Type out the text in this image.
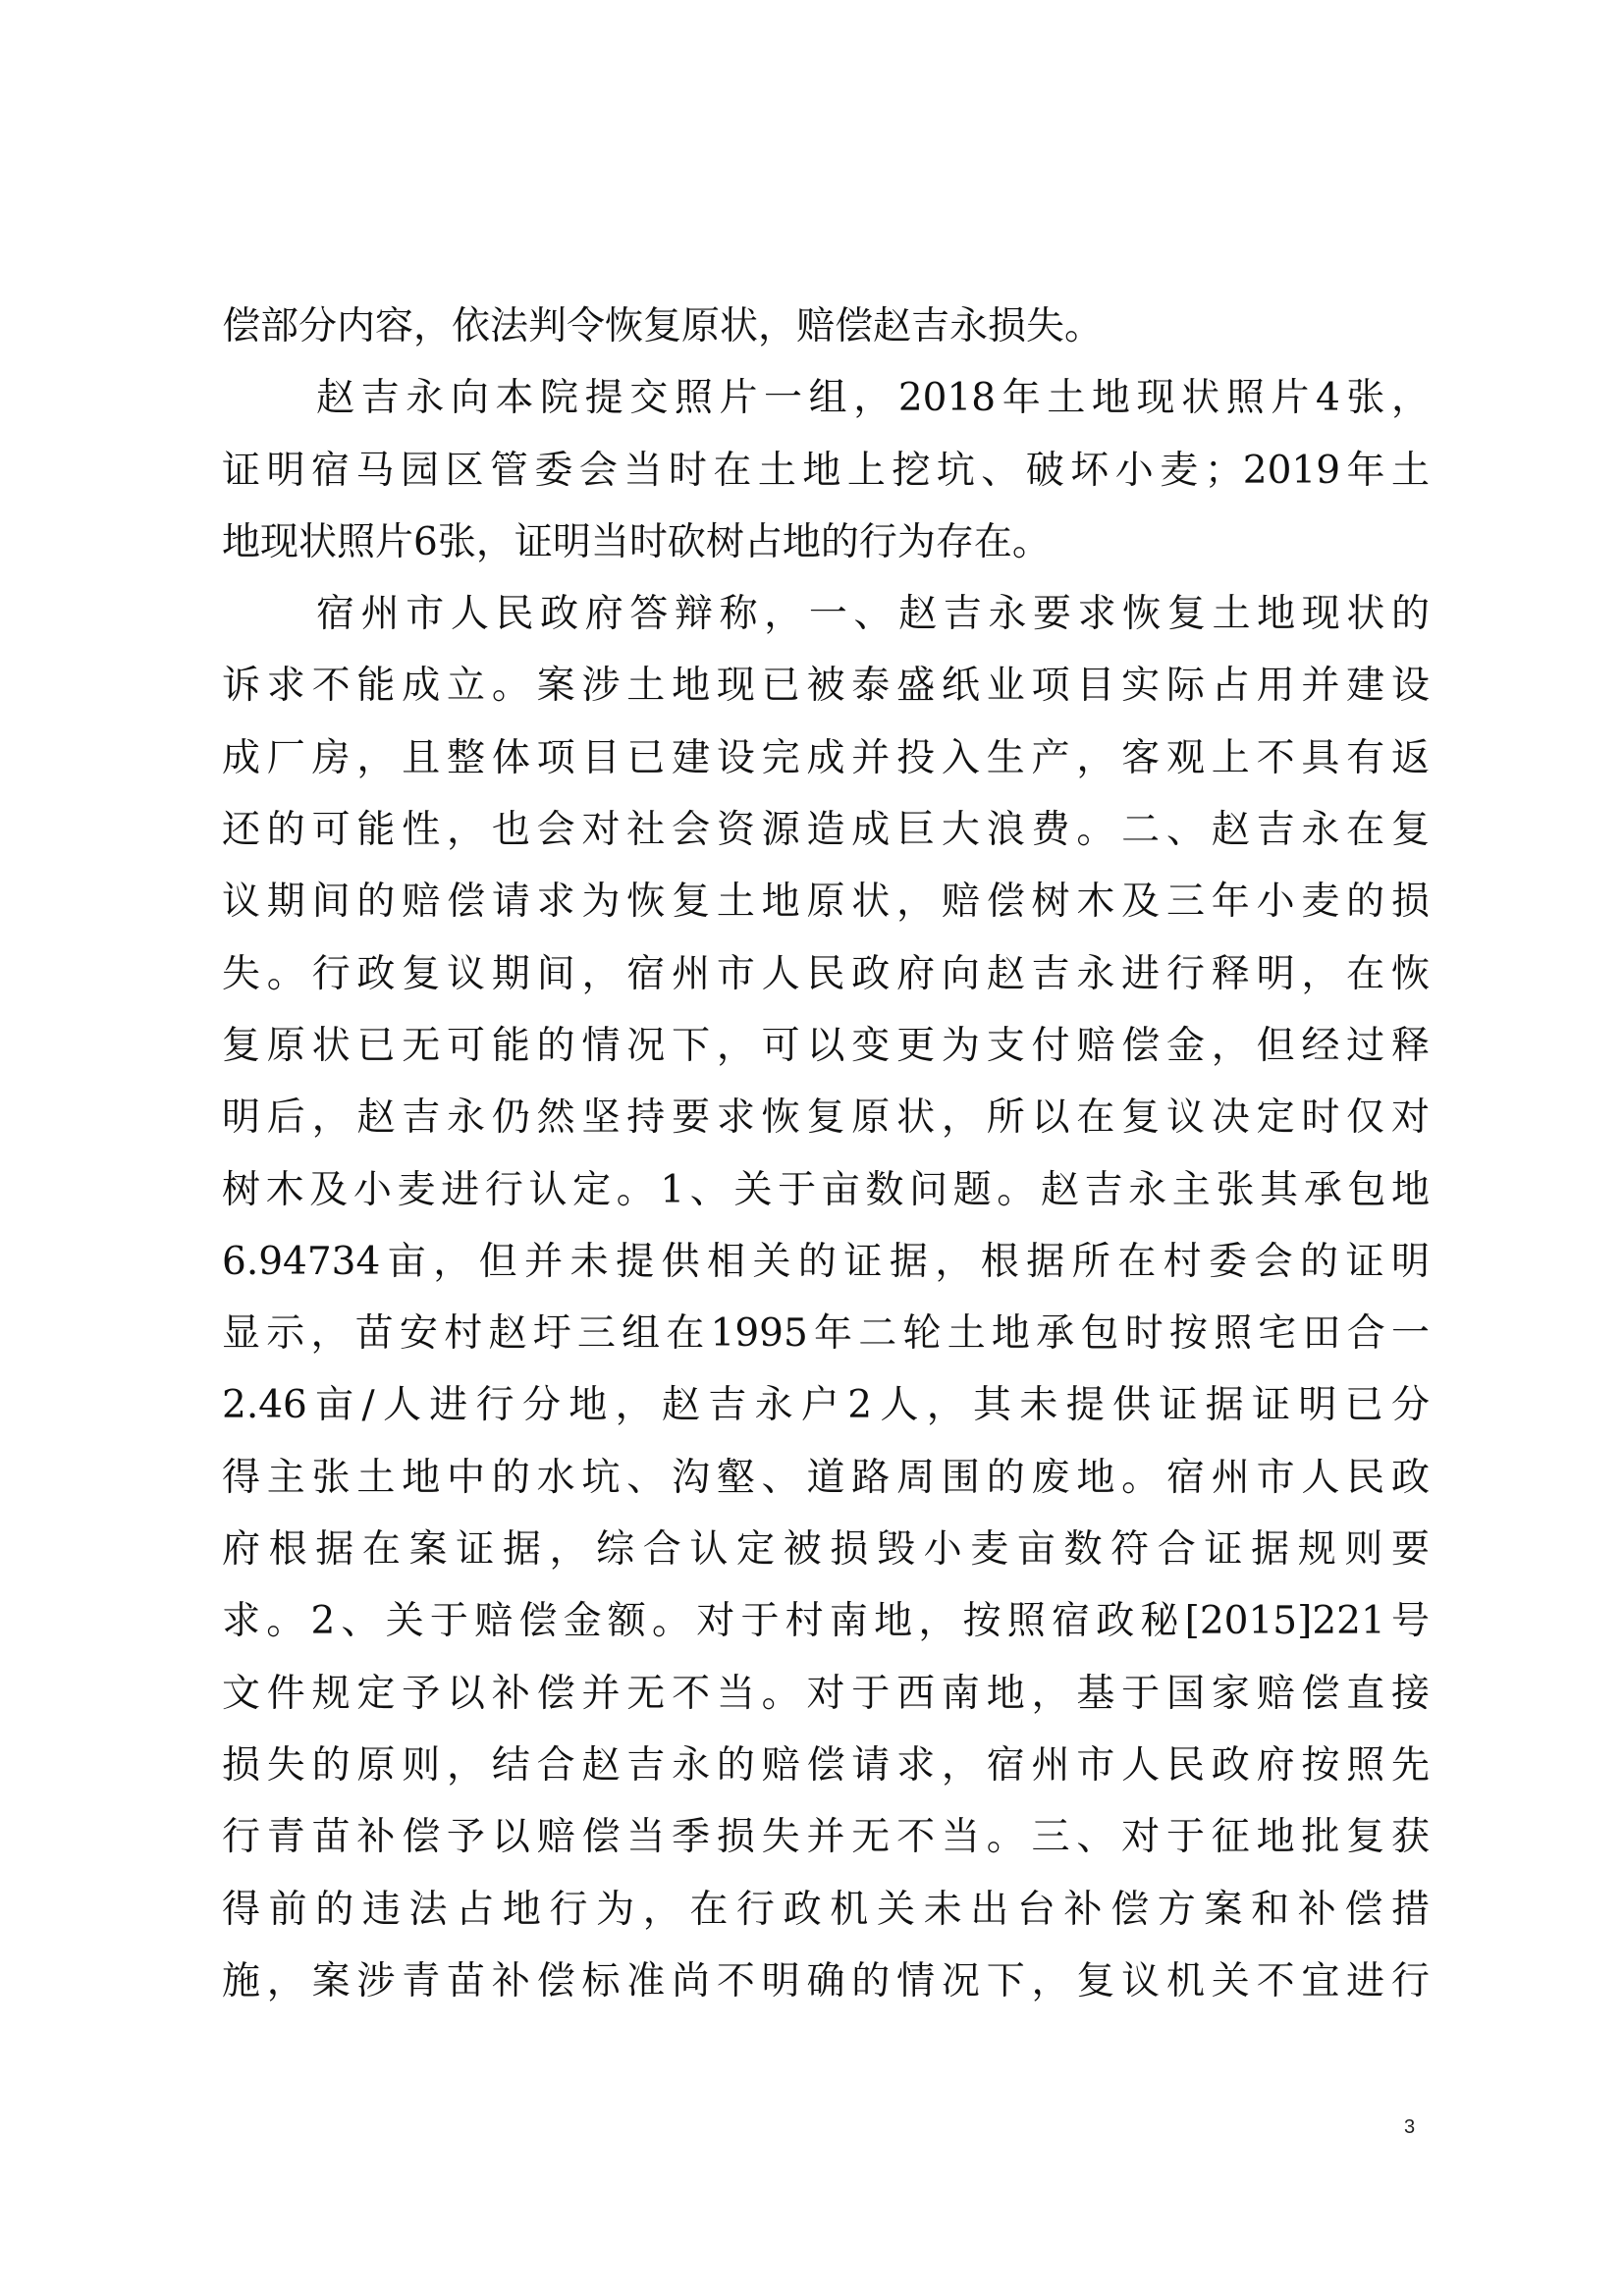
偿部分内容，依法判令恢复原状，赔偿赵吉永损失。
赵吉永向本院提交照片一组，2018年土地现状照片4张，
证明宿马园区管委会当时在土地上挖坑、破坏小麦；2019年土
地现状照片6张，证明当时砍树占地的行为存在。
宿州市人民政府答辩称，一、赵吉永要求恢复土地现状的
诉求不能成立。案涉土地现已被泰盛纸业项目实际占用并建设
成厂房，且整体项目已建设完成并投入生产，客观上不具有返
还的可能性，也会对社会资源造成巨大浪费。二、赵吉永在复
议期间的赔偿请求为恢复土地原状，赔偿树木及三年小麦的损
失。行政复议期间，宿州市人民政府向赵吉永进行释明，在恢
复原状已无可能的情况下，可以变更为支付赔偿金，但经过释
明后，赵吉永仍然坚持要求恢复原状，所以在复议决定时仅对
树木及小麦进行认定。1、关于亩数问题。赵吉永主张其承包地
6.94734亩，但并未提供相关的证据，根据所在村委会的证明
显示，苗安村赵圩三组在1995年二轮土地承包时按照宅田合一
2.46亩/人进行分地，赵吉永户2人，其未提供证据证明已分
得主张土地中的水坑、沟壑、道路周围的废地。宿州市人民政
府根据在案证据，综合认定被损毁小麦亩数符合证据规则要
求。2、关于赔偿金额。对于村南地，按照宿政秘[2015]221号
文件规定予以补偿并无不当。对于西南地，基于国家赔偿直接
损失的原则，结合赵吉永的赔偿请求，宿州市人民政府按照先
行青苗补偿予以赔偿当季损失并无不当。三、对于征地批复获
得前的违法占地行为，在行政机关未出台补偿方案和补偿措
施，案涉青苗补偿标准尚不明确的情况下，复议机关不宜进行
3
